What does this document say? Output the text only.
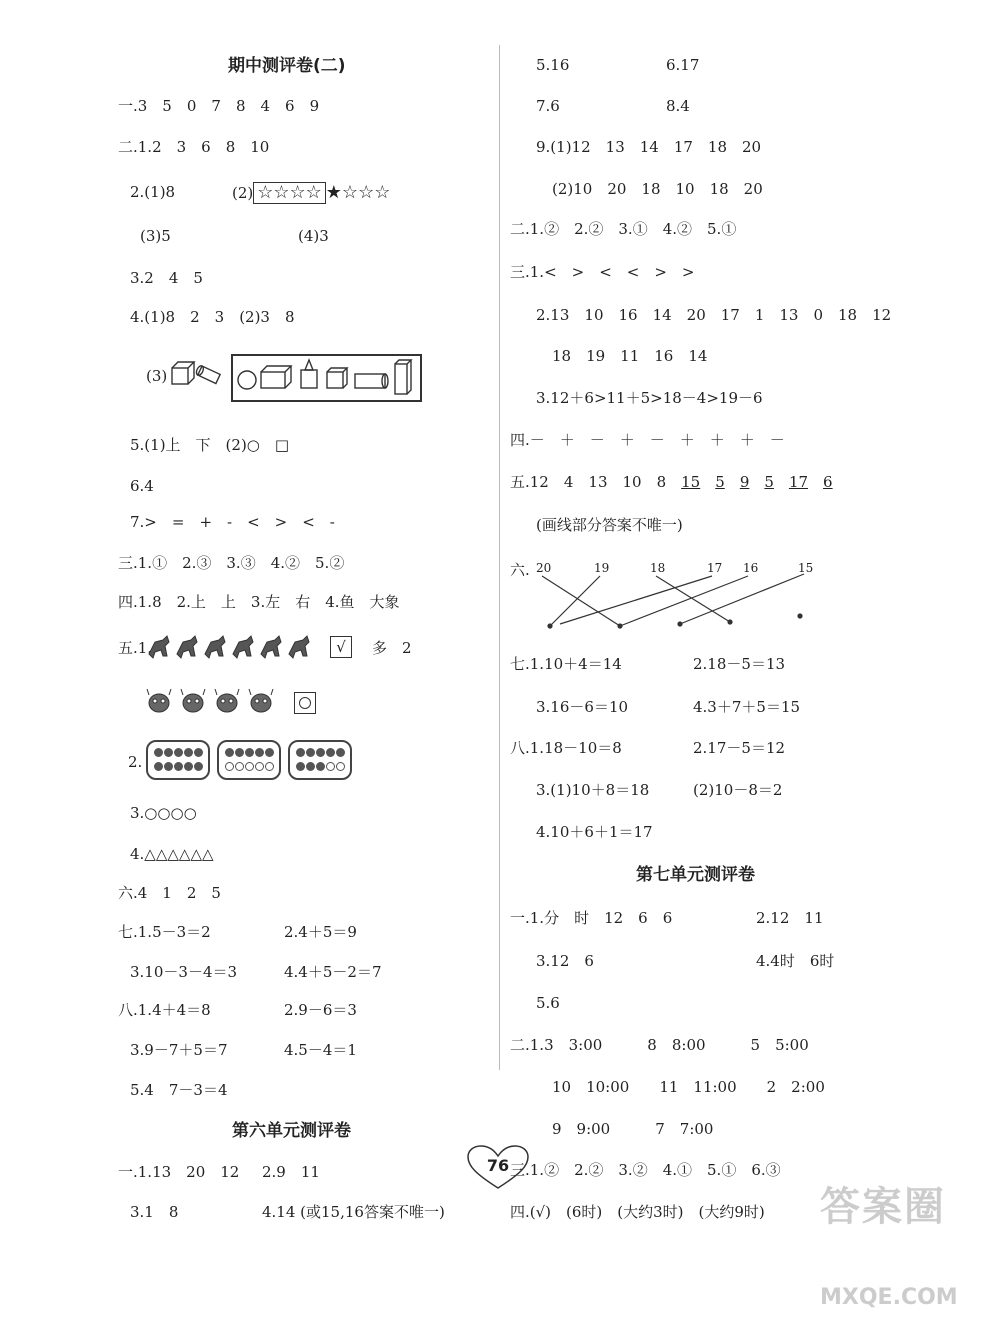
期中测评卷(二)
一.3　5　0　7　8　4　6　9
二.1.2　3　6　8　10
2.(1)8	(2) ☆☆☆☆ ★☆☆☆
(3)5	(4)3
3.2　4　5
4.(1)8　2　3　(2)3　8
(3)
5.(1)上　下　(2)○　□
6.4
7.>　=　+　-　<　>　<　-
三.1.①　2.③　3.③　4.②　5.②
四.1.8　2.上　上　3.左　右　4.鱼　大象
五.1.	√	多　2
2.
3.○○○○
4.△△△△△△
六.4　1　2　5
七.1.5－3＝2	2.4＋5＝9
3.10－3－4＝3	4.4＋5－2＝7
八.1.4＋4＝8	2.9－6＝3
3.9－7＋5＝7	4.5－4＝1
5.4　7－3＝4
第六单元测评卷
一.1.13　20　12 2.9　11
3.1　8	4.14 (或15,16答案不唯一)
5.16	6.17
7.6	8.4
9.(1)12　13　14　17　18　20
(2)10　20　18　10　18　20
二.1.②　2.②　3.①　4.②　5.①
三.1.<　>　<　<　>　>
2.13　10　16　14　20　17　1　13　0　18　12
18　19　11　16　14
3.12＋6>11＋5>18－4>19－6
四.－　＋　－　＋　－　＋　＋　＋　－
五.12　4　13　10　8　 15　 5　 9　 5　 17　 6
(画线部分答案不唯一)
六. 20	19	18	17 16	15
七.1.10＋4＝14	2.18－5＝13
3.16－6＝10	4.3＋7＋5＝15
八.1.18－10＝8	2.17－5＝12
3.(1)10＋8＝18	(2)10－8＝2
4.10＋6＋1＝17
第七单元测评卷
一.1.分　时　12　6　6	2.12　11
3.12　6	4.4时　6时
5.6
二.1.3　3:00　　　8　8:00　　　5　5:00
10　10:00　　11　11:00　　2　2:00
9　9:00　　　7　7:00
三.1.②　2.②　3.②　4.①　5.①　6.③
四.(√)　(6时)　(大约3时)　(大约9时)
76
答案圈
MXQE.COM
